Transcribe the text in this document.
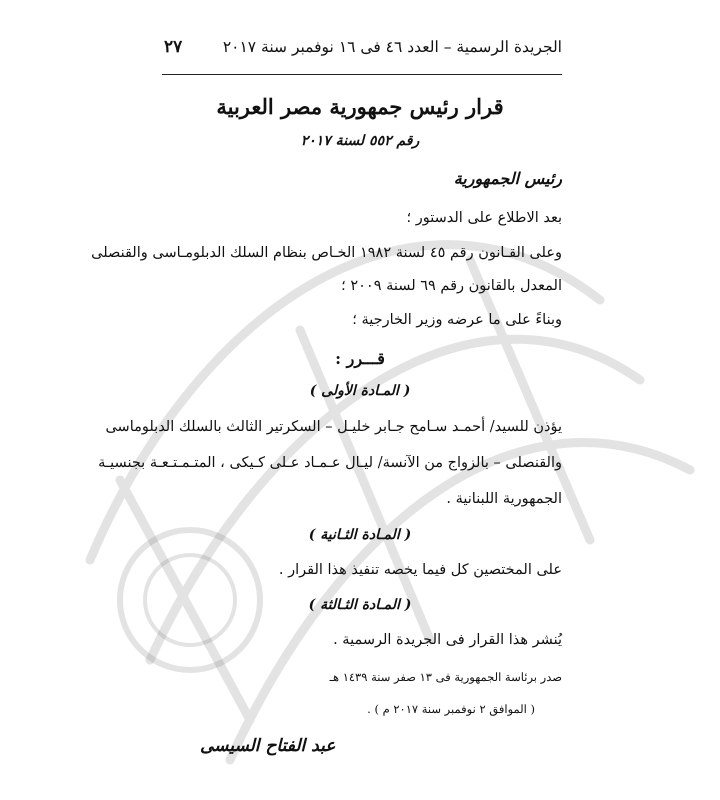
الجريدة الرسمية – العدد ٤٦ فى ١٦ نوفمبر سنة ٢٠١٧
٢٧
قرار رئيس جمهورية مصر العربية
رقم ٥٥٢ لسنة ٢٠١٧
رئيس الجمهورية
بعد الاطلاع على الدستور ؛
وعلى القـانون رقم ٤٥ لسنة ١٩٨٢ الخـاص بنظام السلك الدبلومـاسى والقنصلى
المعدل بالقانون رقم ٦٩ لسنة ٢٠٠٩ ؛
وبناءً على ما عرضه وزير الخارجية ؛
قـــرر :
( المـادة الأولى )
يؤذن للسيد/ أحمـد سـامح جـابر خليـل – السكرتير الثالث بالسلك الدبلوماسى
والقنصلى – بالزواج من الآنسة/ ليـال عـمـاد عـلى كـيكى ، المتـمـتـعـة بجنسيـة
الجمهورية اللبنانية .
( المـادة الثـانية )
على المختصين كل فيما يخصه تنفيذ هذا القرار .
( المـادة الثـالثة )
يُنشر هذا القرار فى الجريدة الرسمية .
صدر برئاسة الجمهورية فى ١٣ صفر سنة ١٤٣٩ هـ
( الموافق ٢ نوفمبر سنة ٢٠١٧ م ) .
عبد الفتاح السيسى
